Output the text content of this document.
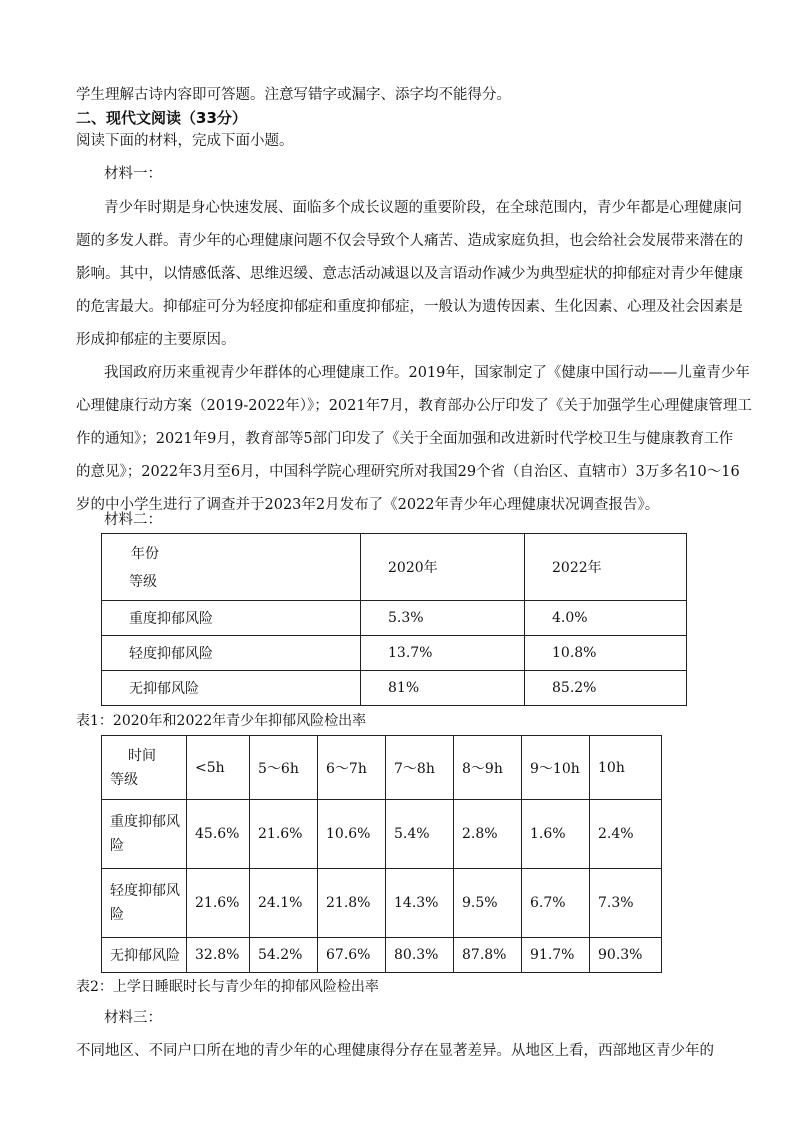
学生理解古诗内容即可答题。注意写错字或漏字、添字均不能得分。
二、现代文阅读（33分）
阅读下面的材料，完成下面小题。
材料一：
青少年时期是身心快速发展、面临多个成长议题的重要阶段，在全球范围内，青少年都是心理健康问
题的多发人群。青少年的心理健康问题不仅会导致个人痛苦、造成家庭负担，也会给社会发展带来潜在的
影响。其中，以情感低落、思维迟缓、意志活动减退以及言语动作减少为典型症状的抑郁症对青少年健康
的危害最大。抑郁症可分为轻度抑郁症和重度抑郁症，一般认为遗传因素、生化因素、心理及社会因素是
形成抑郁症的主要原因。
我国政府历来重视青少年群体的心理健康工作。2019年，国家制定了《健康中国行动——儿童青少年
心理健康行动方案（2019-2022年）》；2021年7月，教育部办公厅印发了《关于加强学生心理健康管理工
作的通知》；2021年9月，教育部等5部门印发了《关于全面加强和改进新时代学校卫生与健康教育工作
的意见》；2022年3月至6月，中国科学院心理研究所对我国29个省（自治区、直辖市）3万多名10～16
岁的中小学生进行了调查并于2023年2月发布了《2022年青少年心理健康状况调查报告》。
材料二：
年份
等级	2020年	2022年
重度抑郁风险	5.3%	4.0%
轻度抑郁风险	13.7%	10.8%
无抑郁风险	81%	85.2%
表1：2020年和2022年青少年抑郁风险检出率
时间
等级	<5h	5～6h	6～7h	7～8h	8～9h	9～10h	10h

重度抑郁风
险	45.6%	21.6%	10.6%	5.4%	2.8%	1.6%	2.4%

轻度抑郁风
险	21.6%	24.1%	21.8%	14.3%	9.5%	6.7%	7.3%
无抑郁风险	32.8%	54.2%	67.6%	80.3%	87.8%	91.7%	90.3%
表2：上学日睡眠时长与青少年的抑郁风险检出率
材料三：
不同地区、不同户口所在地的青少年的心理健康得分存在显著差异。从地区上看，西部地区青少年的
